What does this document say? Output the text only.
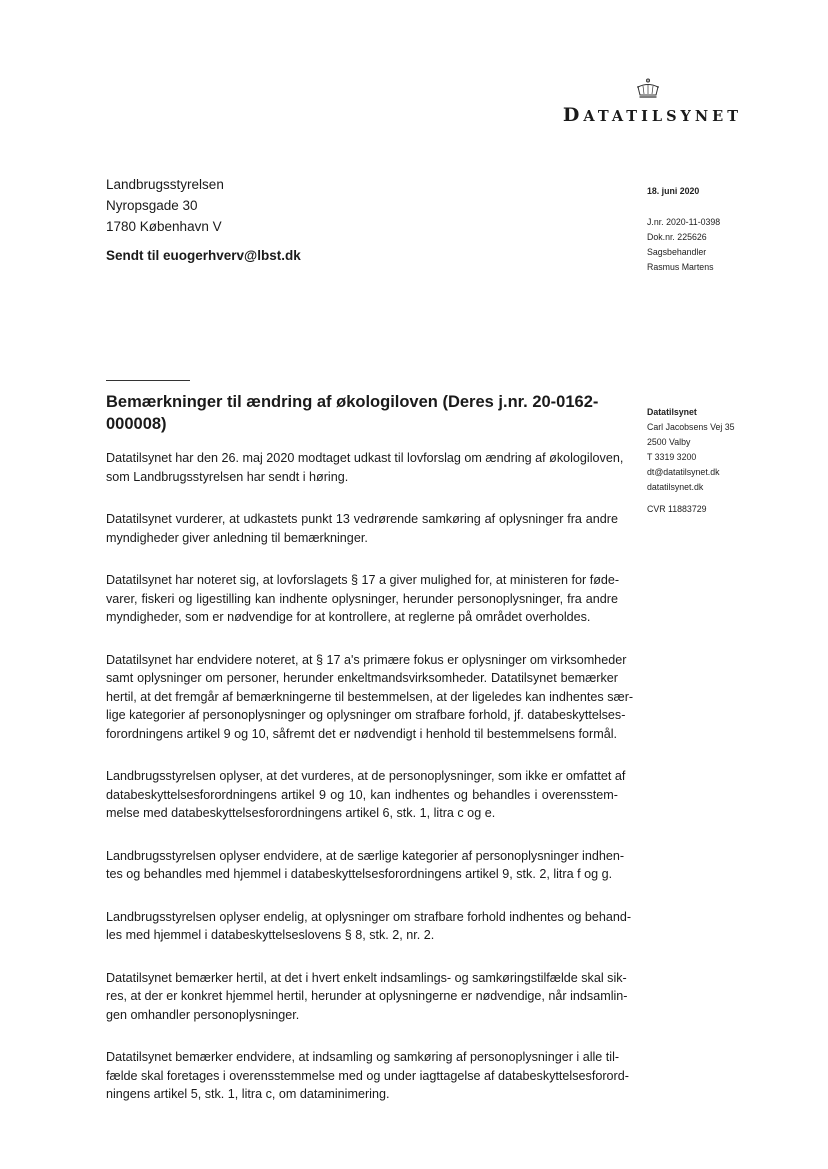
DATATILSYNET
Landbrugsstyrelsen
Nyropsgade 30
1780 København V
Sendt til euogerhverv@lbst.dk
18. juni 2020
J.nr. 2020-11-0398
Dok.nr. 225626
Sagsbehandler
Rasmus Martens
Datatilsynet
Carl Jacobsens Vej 35
2500 Valby
T 3319 3200
dt@datatilsynet.dk
datatilsynet.dk
CVR 11883729
Bemærkninger til ændring af økologiloven (Deres j.nr. 20-0162-
000008)

Datatilsynet har den 26. maj 2020 modtaget udkast til lovforslag om ændring af økologiloven,
som Landbrugsstyrelsen har sendt i høring.

Datatilsynet vurderer, at udkastets punkt 13 vedrørende samkøring af oplysninger fra andre
myndigheder giver anledning til bemærkninger.

Datatilsynet har noteret sig, at lovforslagets § 17 a giver mulighed for, at ministeren for føde-
varer, fiskeri og ligestilling kan indhente oplysninger, herunder personoplysninger, fra andre
myndigheder, som er nødvendige for at kontrollere, at reglerne på området overholdes.

Datatilsynet har endvidere noteret, at § 17 a's primære fokus er oplysninger om virksomheder
samt oplysninger om personer, herunder enkeltmandsvirksomheder. Datatilsynet bemærker
hertil, at det fremgår af bemærkningerne til bestemmelsen, at der ligeledes kan indhentes sær-
lige kategorier af personoplysninger og oplysninger om strafbare forhold, jf. databeskyttelses-
forordningens artikel 9 og 10, såfremt det er nødvendigt i henhold til bestemmelsens formål.

Landbrugsstyrelsen oplyser, at det vurderes, at de personoplysninger, som ikke er omfattet af
databeskyttelsesforordningens artikel 9 og 10, kan indhentes og behandles i overensstem-
melse med databeskyttelsesforordningens artikel 6, stk. 1, litra c og e.

Landbrugsstyrelsen oplyser endvidere, at de særlige kategorier af personoplysninger indhen-
tes og behandles med hjemmel i databeskyttelsesforordningens artikel 9, stk. 2, litra f og g.

Landbrugsstyrelsen oplyser endelig, at oplysninger om strafbare forhold indhentes og behand-
les med hjemmel i databeskyttelseslovens § 8, stk. 2, nr. 2.

Datatilsynet bemærker hertil, at det i hvert enkelt indsamlings- og samkøringstilfælde skal sik-
res, at der er konkret hjemmel hertil, herunder at oplysningerne er nødvendige, når indsamlin-
gen omhandler personoplysninger.

Datatilsynet bemærker endvidere, at indsamling og samkøring af personoplysninger i alle til-
fælde skal foretages i overensstemmelse med og under iagttagelse af databeskyttelsesforord-
ningens artikel 5, stk. 1, litra c, om dataminimering.
